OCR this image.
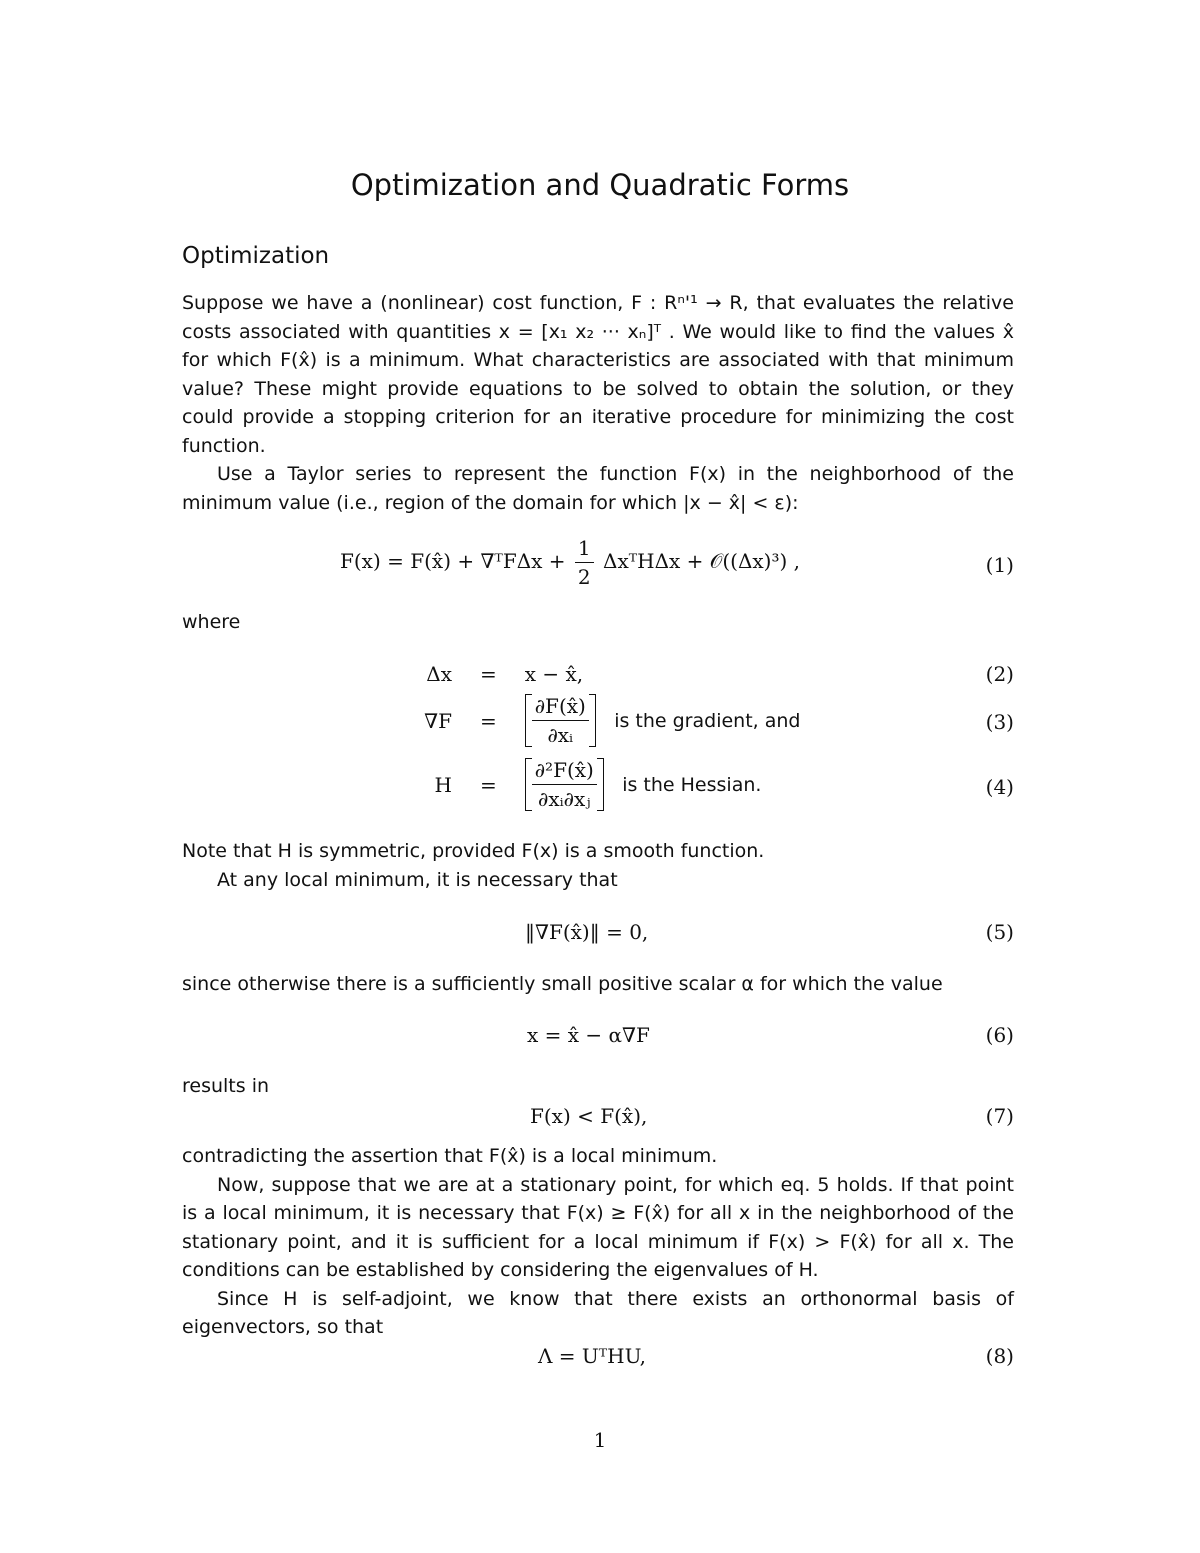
Optimization and Quadratic Forms
Optimization

Suppose we have a (nonlinear) cost function, F : Rⁿ'¹ → R, that evaluates the relative costs associated with quantities x = [x₁ x₂ ··· xₙ]ᵀ . We would like to find the values x̂ for which F(x̂) is a minimum. What characteristics are associated with that minimum value? These might provide equations to be solved to obtain the solution, or they could provide a stopping criterion for an iterative procedure for minimizing the cost function.

Use a Taylor series to represent the function F(x) in the neighborhood of the minimum value (i.e., region of the domain for which |x − x̂| < ε):

F(x) = F(x̂) + ∇ᵀFΔx + $\frac{1}{2}$ ΔxᵀHΔx + 𝒪((Δx)³) ,	(1)

where

Δx = x − x̂,	(2)
$\nabla F = \frac{\partial F(x̂)}{\text{∂xᵢ}}$ is the gradient, and	(3)
$H = \frac{\text{∂²F(x̂)}}{\text{∂xᵢ∂xⱼ}}$ is the Hessian.	(4)

Note that H is symmetric, provided F(x) is a smooth function.

At any local minimum, it is necessary that

‖∇F(x̂)‖ = 0,	(5)

since otherwise there is a sufficiently small positive scalar α for which the value

x = x̂ − α∇F	(6)

results in

F(x) < F(x̂),	(7)

contradicting the assertion that F(x̂) is a local minimum.

Now, suppose that we are at a stationary point, for which eq. 5 holds. If that point is a local minimum, it is necessary that F(x) ≥ F(x̂) for all x in the neighborhood of the stationary point, and it is sufficient for a local minimum if F(x) > F(x̂) for all x. The conditions can be established by considering the eigenvalues of H.

Since H is self-adjoint, we know that there exists an orthonormal basis of eigenvectors, so that

Λ = UᵀHU,	(8)
1
